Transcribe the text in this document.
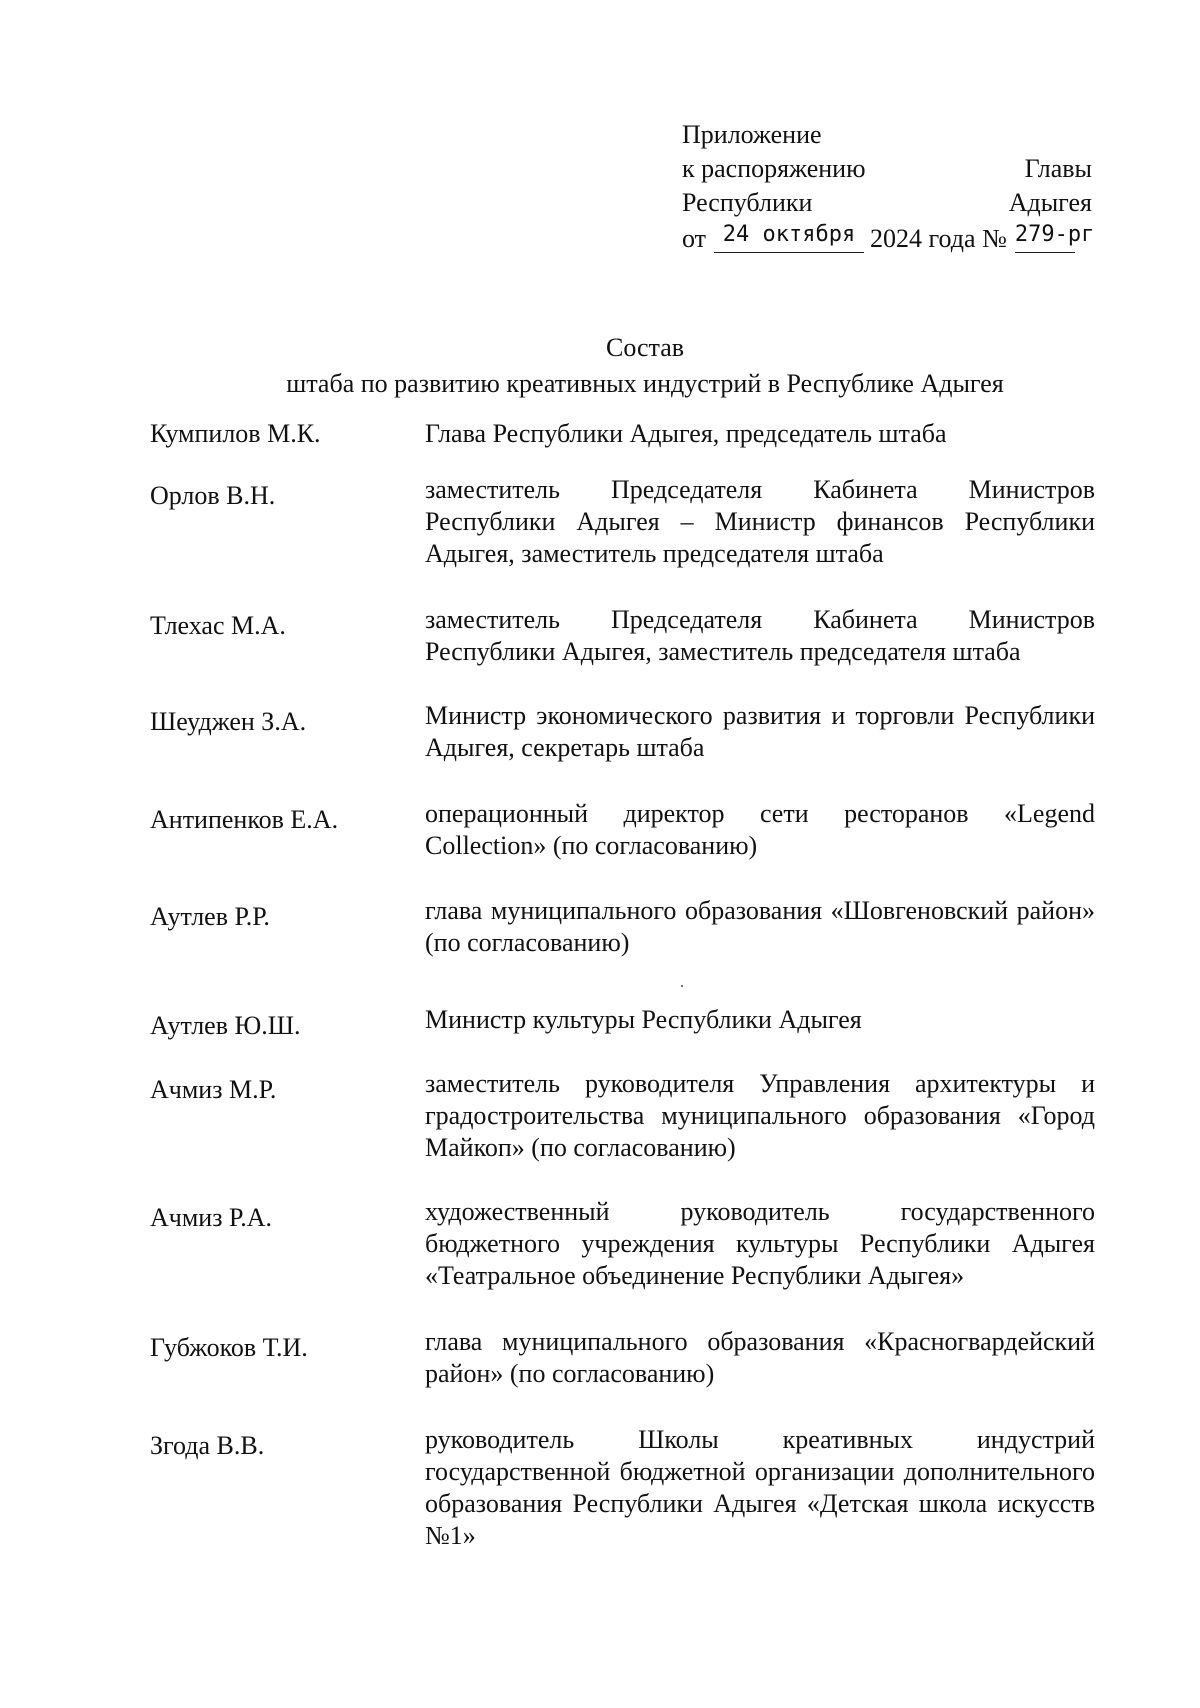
Приложение
к распоряжению	Главы
Республики	Адыгея
от 24 октября 2024 года № 279-рг
Состав
штаба по развитию креативных индустрий в Республике Адыгея
Кумпилов М.К.	Глава Республики Адыгея, председатель штаба
Орлов В.Н.	заместитель Председателя Кабинета Министров Республики Адыгея – Министр финансов Республики Адыгея, заместитель председателя штаба
Тлехас М.А.	заместитель Председателя Кабинета Министров Республики Адыгея, заместитель председателя штаба
Шеуджен З.А.	Министр экономического развития и торговли Республики Адыгея, секретарь штаба
Антипенков Е.А.	операционный директор сети ресторанов «Legend Collection» (по согласованию)
Аутлев Р.Р.	глава муниципального образования «Шовгеновский район» (по согласованию)
Аутлев Ю.Ш.	Министр культуры Республики Адыгея
Ачмиз М.Р.	заместитель руководителя Управления архитектуры и градостроительства муниципального образования «Город Майкоп» (по согласованию)
Ачмиз Р.А.	художественный руководитель государственного бюджетного учреждения культуры Республики Адыгея «Театральное объединение Республики Адыгея»
Губжоков Т.И.	глава муниципального образования «Красногвардейский район» (по согласованию)
Згода В.В.	руководитель Школы креативных индустрий государственной бюджетной организации дополнительного образования Республики Адыгея «Детская школа искусств №1»
